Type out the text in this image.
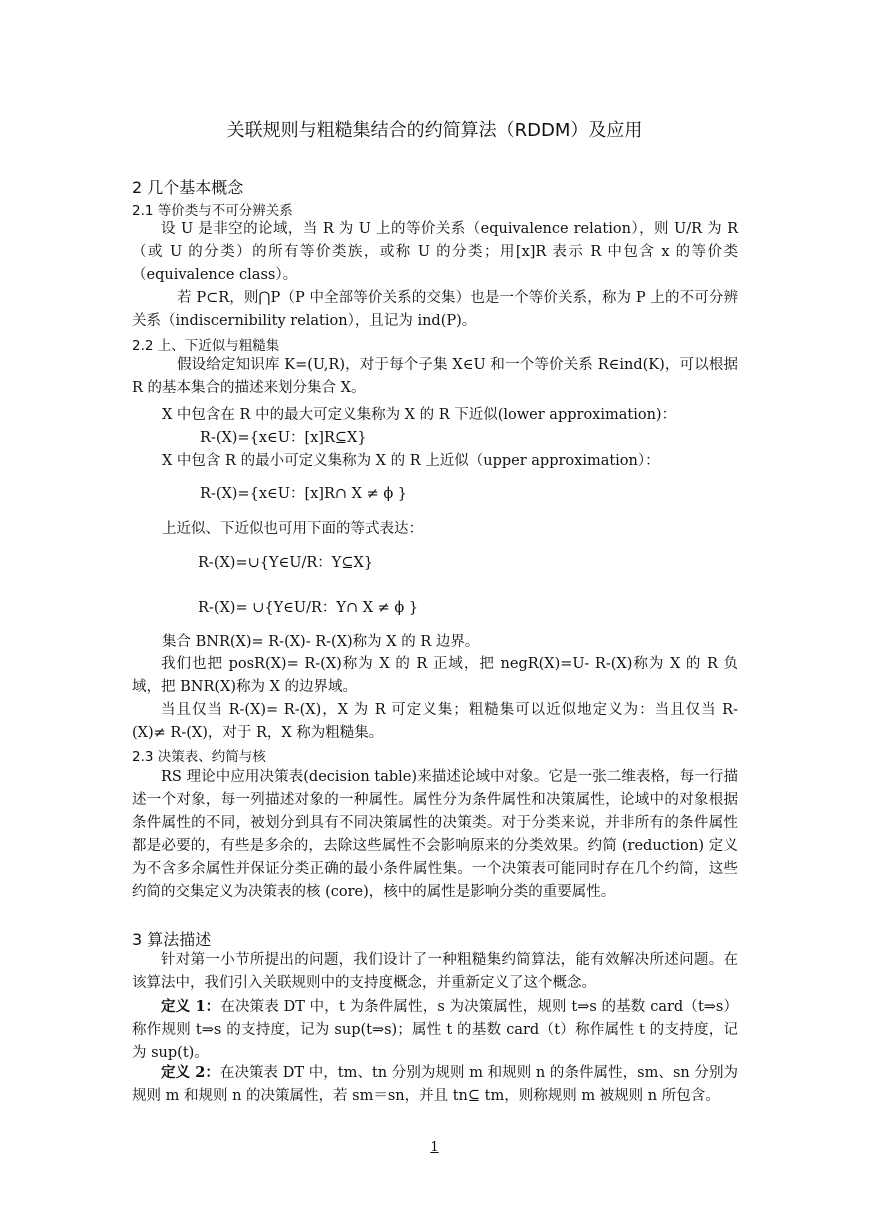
关联规则与粗糙集结合的约简算法（RDDM）及应用
2 几个基本概念
2.1 等价类与不可分辨关系
设 U 是非空的论域，当 R 为 U 上的等价关系（equivalence relation），则 U/R 为 R（或 U 的分类）的所有等价类族，或称 U 的分类；用[x]R 表示 R 中包含 x 的等价类（equivalence class）。
若 P⊂R，则⋂P（P 中全部等价关系的交集）也是一个等价关系，称为 P 上的不可分辨关系（indiscernibility relation），且记为 ind(P)。
2.2 上、下近似与粗糙集
假设给定知识库 K=(U,R)，对于每个子集 X∈U 和一个等价关系 R∈ind(K)，可以根据 R 的基本集合的描述来划分集合 X。
X 中包含在 R 中的最大可定义集称为 X 的 R 下近似(lower approximation)：
R-(X)={x∈U：[x]R⊆X}
X 中包含 R 的最小可定义集称为 X 的 R 上近似（upper approximation）：
R-(X)={x∈U：[x]R∩ X ≠ ϕ }
上近似、下近似也可用下面的等式表达：
R-(X)=∪{Y∈U/R：Y⊆X}
R-(X)= ∪{Y∈U/R：Y∩ X ≠ ϕ }
集合 BNR(X)= R-(X)- R-(X)称为 X 的 R 边界。
我们也把 posR(X)= R-(X)称为 X 的 R 正域，把 negR(X)=U- R-(X)称为 X 的 R 负域，把 BNR(X)称为 X 的边界域。
当且仅当 R-(X)= R-(X)，X 为 R 可定义集；粗糙集可以近似地定义为：当且仅当 R-(X)≠ R-(X)，对于 R，X 称为粗糙集。
2.3 决策表、约简与核
RS 理论中应用决策表(decision table)来描述论域中对象。它是一张二维表格，每一行描述一个对象，每一列描述对象的一种属性。属性分为条件属性和决策属性，论域中的对象根据条件属性的不同，被划分到具有不同决策属性的决策类。对于分类来说，并非所有的条件属性都是必要的，有些是多余的，去除这些属性不会影响原来的分类效果。约简 (reduction) 定义为不含多余属性并保证分类正确的最小条件属性集。一个决策表可能同时存在几个约简，这些约简的交集定义为决策表的核 (core)，核中的属性是影响分类的重要属性。
3 算法描述
针对第一小节所提出的问题，我们设计了一种粗糙集约简算法，能有效解决所述问题。在该算法中，我们引入关联规则中的支持度概念，并重新定义了这个概念。
定义 1：在决策表 DT 中，t 为条件属性，s 为决策属性，规则 t⇒s 的基数 card（t⇒s）称作规则 t⇒s 的支持度，记为 sup(t⇒s)；属性 t 的基数 card（t）称作属性 t 的支持度，记为 sup(t)。
定义 2：在决策表 DT 中，tm、tn 分别为规则 m 和规则 n 的条件属性，sm、sn 分别为规则 m 和规则 n 的决策属性，若 sm＝sn，并且 tn⊆ tm，则称规则 m 被规则 n 所包含。
1
